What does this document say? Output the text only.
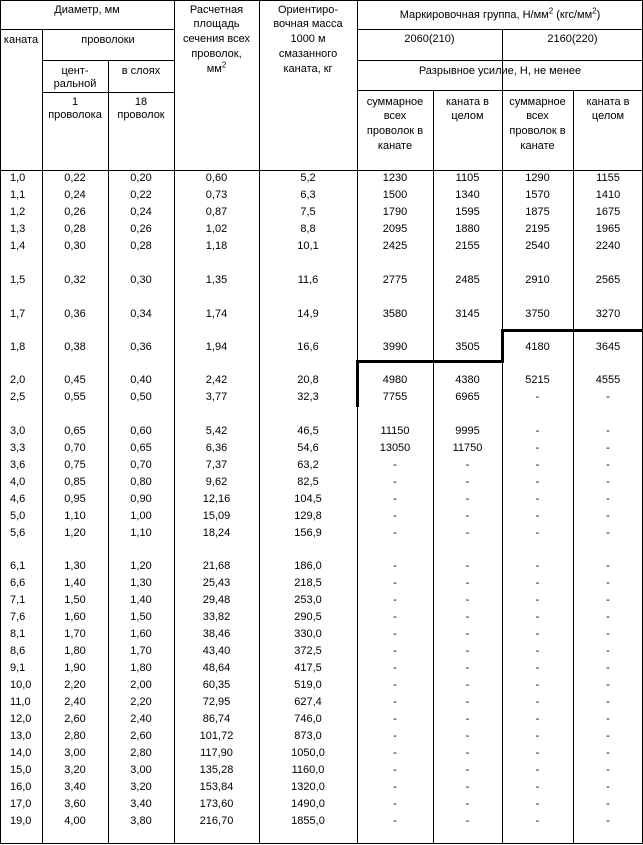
Диаметр, мм
каната	проволоки
цент-
ральной
в слоях
1
проволока
18
проволок
Расчетная
площадь
сечения всех
проволок,
$мм^2$
Ориентиро-
вочная масса
1000 м
смазанного
каната, кг
Маркировочная группа, $Н/мм^2$ $(кгс/мм^2)$
2060(210)	2160(220)
Разрывное усилие, Н, не менее
суммарное
всех
проволок в
канате
каната в
целом
суммарное
всех
проволок в
канате
каната в
целом
1,0	0,22	0,20	0,60	5,2	1230	1105	1290	1155
1,1	0,24	0,22	0,73	6,3	1500	1340	1570	1410
1,2	0,26	0,24	0,87	7,5	1790	1595	1875	1675
1,3	0,28	0,26	1,02	8,8	2095	1880	2195	1965
1,4	0,30	0,28	1,18	10,1	2425	2155	2540	2240
1,5	0,32	0,30	1,35	11,6	2775	2485	2910	2565
1,7	0,36	0,34	1,74	14,9	3580	3145	3750	3270
1,8	0,38	0,36	1,94	16,6	3990	3505	4180	3645
2,0	0,45	0,40	2,42	20,8	4980	4380	5215	4555
2,5	0,55	0,50	3,77	32,3	7755	6965	-	-
3,0	0,65	0,60	5,42	46,5	11150	9995	-	-
3,3	0,70	0,65	6,36	54,6	13050	11750	-	-
3,6	0,75	0,70	7,37	63,2	-	-	-	-
4,0	0,85	0,80	9,62	82,5	-	-	-	-
4,6	0,95	0,90	12,16	104,5	-	-	-	-
5,0	1,10	1,00	15,09	129,8	-	-	-	-
5,6	1,20	1,10	18,24	156,9	-	-	-	-
6,1	1,30	1,20	21,68	186,0	-	-	-	-
6,6	1,40	1,30	25,43	218,5	-	-	-	-
7,1	1,50	1,40	29,48	253,0	-	-	-	-
7,6	1,60	1,50	33,82	290,5	-	-	-	-
8,1	1,70	1,60	38,46	330,0	-	-	-	-
8,6	1,80	1,70	43,40	372,5	-	-	-	-
9,1	1,90	1,80	48,64	417,5	-	-	-	-
10,0	2,20	2,00	60,35	519,0	-	-	-	-
11,0	2,40	2,20	72,95	627,4	-	-	-	-
12,0	2,60	2,40	86,74	746,0	-	-	-	-
13,0	2,80	2,60	101,72	873,0	-	-	-	-
14,0	3,00	2,80	117,90	1050,0	-	-	-	-
15,0	3,20	3,00	135,28	1160,0	-	-	-	-
16,0	3,40	3,20	153,84	1320,0	-	-	-	-
17,0	3,60	3,40	173,60	1490,0	-	-	-	-
19,0	4,00	3,80	216,70	1855,0	-	-	-	-
